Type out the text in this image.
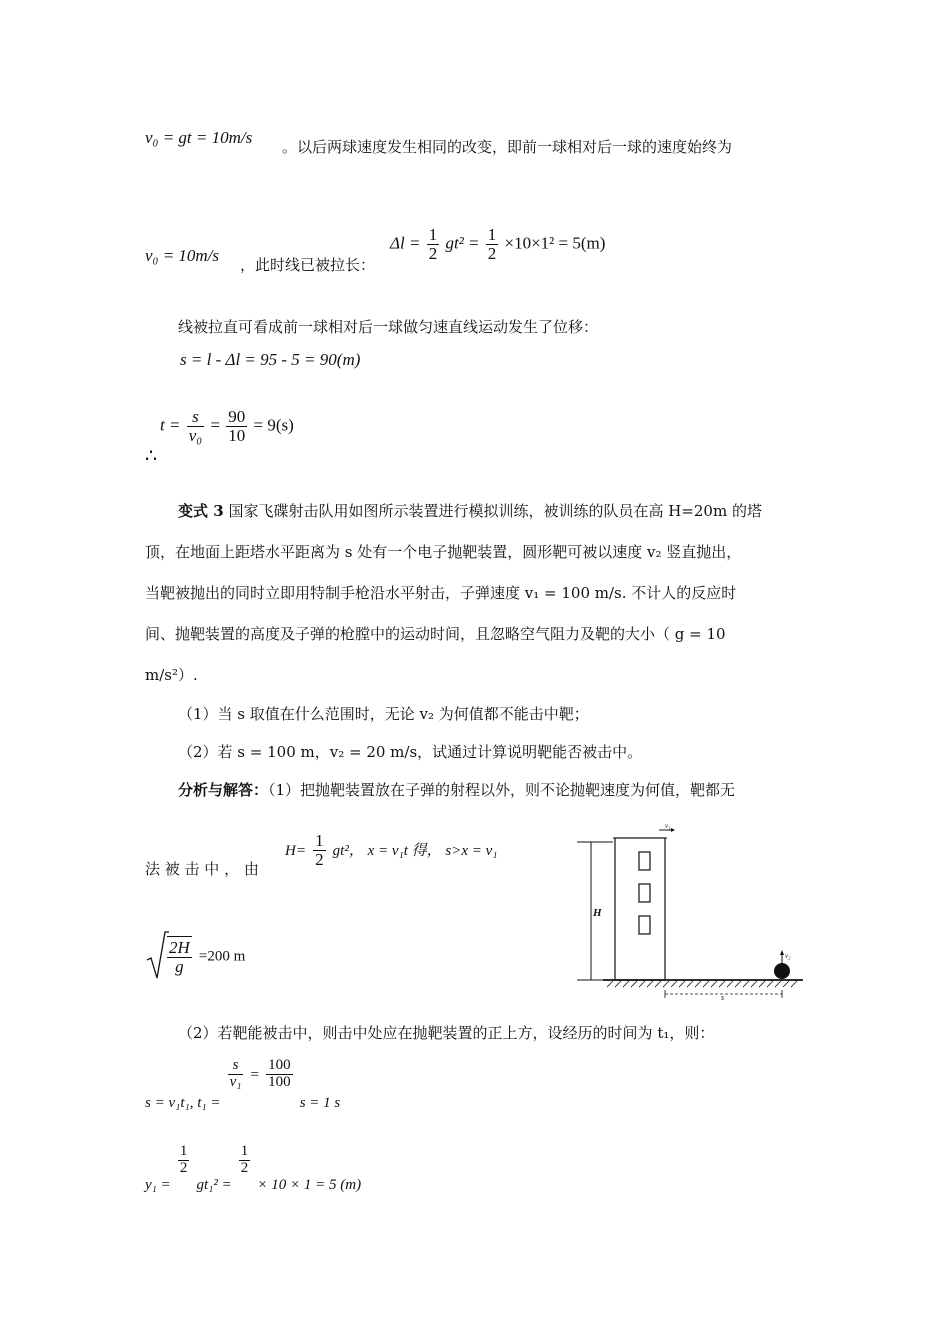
v₀ = gt = 10m/s 。以后两球速度发生相同的改变，即前一球相对后一球的速度始终为
v₀ = 10m/s ，此时线已被拉长：
$\Delta l = \frac{1}{2} gt^2 = \frac{1}{2} \times 10\times 1^2 = 5(m)$
线被拉直可看成前一球相对后一球做匀速直线运动发生了位移：
s = l - Δl = 95 - 5 = 90(m)
$t = \frac{s}{\text{v₀}} = \frac{90}{10} = 9(s)$
∴
变式 3 国家飞碟射击队用如图所示装置进行模拟训练，被训练的队员在高 H=20m 的塔
顶，在地面上距塔水平距离为 s 处有一个电子抛靶装置，圆形靶可被以速度 v₂ 竖直抛出，
当靶被抛出的同时立即用特制手枪沿水平射击，子弹速度 v₁ = 100 m/s. 不计人的反应时
间、抛靶装置的高度及子弹的枪膛中的运动时间，且忽略空气阻力及靶的大小（ g = 10
m/s²）.
（1）当 s 取值在什么范围时，无论 v₂ 为何值都不能击中靶；
（2）若 s = 100 m，v₂ = 20 m/s，试通过计算说明靶能否被击中。
分析与解答：（1）把抛靶装置放在子弹的射程以外，则不论抛靶速度为何值，靶都无
法 被 击 中 ， 由
$H= \frac{1}{2} gt^2$， x = v₁t 得， s>x = v₁
$\frac{2H}{g} =200$ m
H
v₁
s
v₂
（2）若靶能被击中，则击中处应在抛靶装置的正上方，设经历的时间为 t₁，则：
s = v₁t₁, t₁ =
$\frac{s}{\text{v₁}} = \frac{100}{100}$
s = 1 s
y₁ =
$\frac{1}{2}$
gt₁² =
$\frac{1}{2}$
× 10 × 1 = 5 (m)
